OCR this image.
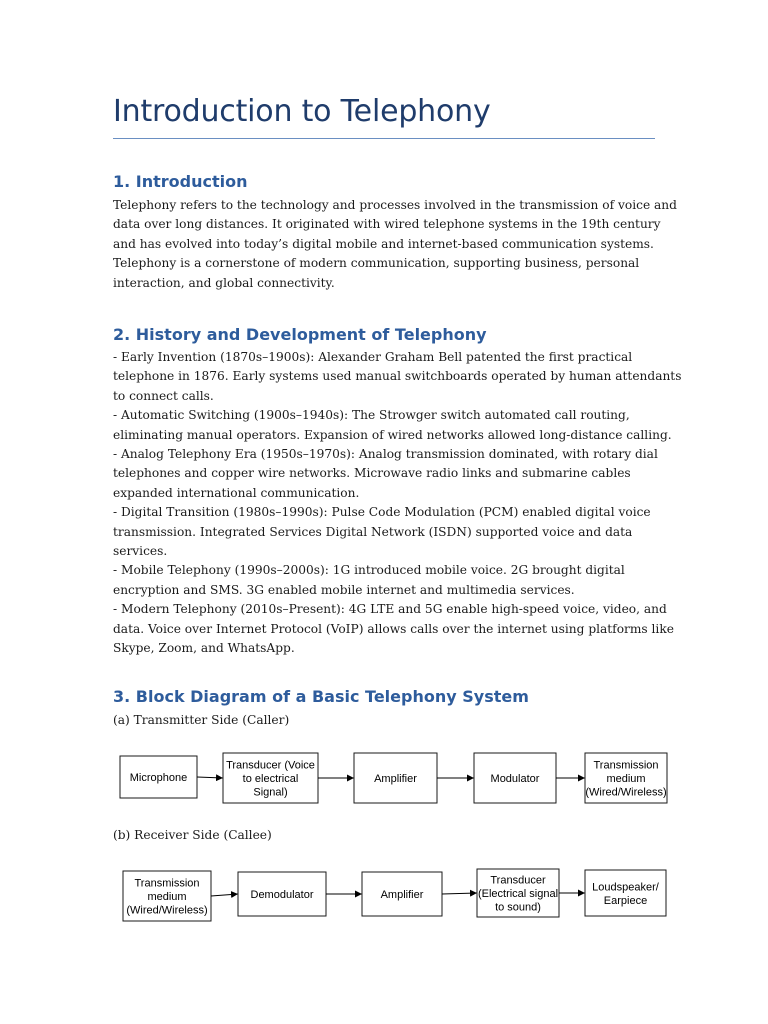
Introduction to Telephony
1. Introduction
Telephony refers to the technology and processes involved in the transmission of voice and
data over long distances. It originated with wired telephone systems in the 19th century
and has evolved into today’s digital mobile and internet-based communication systems.
Telephony is a cornerstone of modern communication, supporting business, personal
interaction, and global connectivity.
2. History and Development of Telephony
- Early Invention (1870s–1900s): Alexander Graham Bell patented the first practical
telephone in 1876. Early systems used manual switchboards operated by human attendants
to connect calls.
- Automatic Switching (1900s–1940s): The Strowger switch automated call routing,
eliminating manual operators. Expansion of wired networks allowed long-distance calling.
- Analog Telephony Era (1950s–1970s): Analog transmission dominated, with rotary dial
telephones and copper wire networks. Microwave radio links and submarine cables
expanded international communication.
- Digital Transition (1980s–1990s): Pulse Code Modulation (PCM) enabled digital voice
transmission. Integrated Services Digital Network (ISDN) supported voice and data
services.
- Mobile Telephony (1990s–2000s): 1G introduced mobile voice. 2G brought digital
encryption and SMS. 3G enabled mobile internet and multimedia services.
- Modern Telephony (2010s–Present): 4G LTE and 5G enable high-speed voice, video, and
data. Voice over Internet Protocol (VoIP) allows calls over the internet using platforms like
Skype, Zoom, and WhatsApp.
3. Block Diagram of a Basic Telephony System

(a) Transmitter Side (Caller)

Microphone
Transducer (Voice
to electrical
Signal)
Amplifier	Modulator
Transmission
medium
(Wired/Wireless)

(b) Receiver Side (Callee)

Transmission
medium
(Wired/Wireless)
Demodulator	Amplifier
Transducer
(Electrical signal
to sound)
Loudspeaker/
Earpiece
